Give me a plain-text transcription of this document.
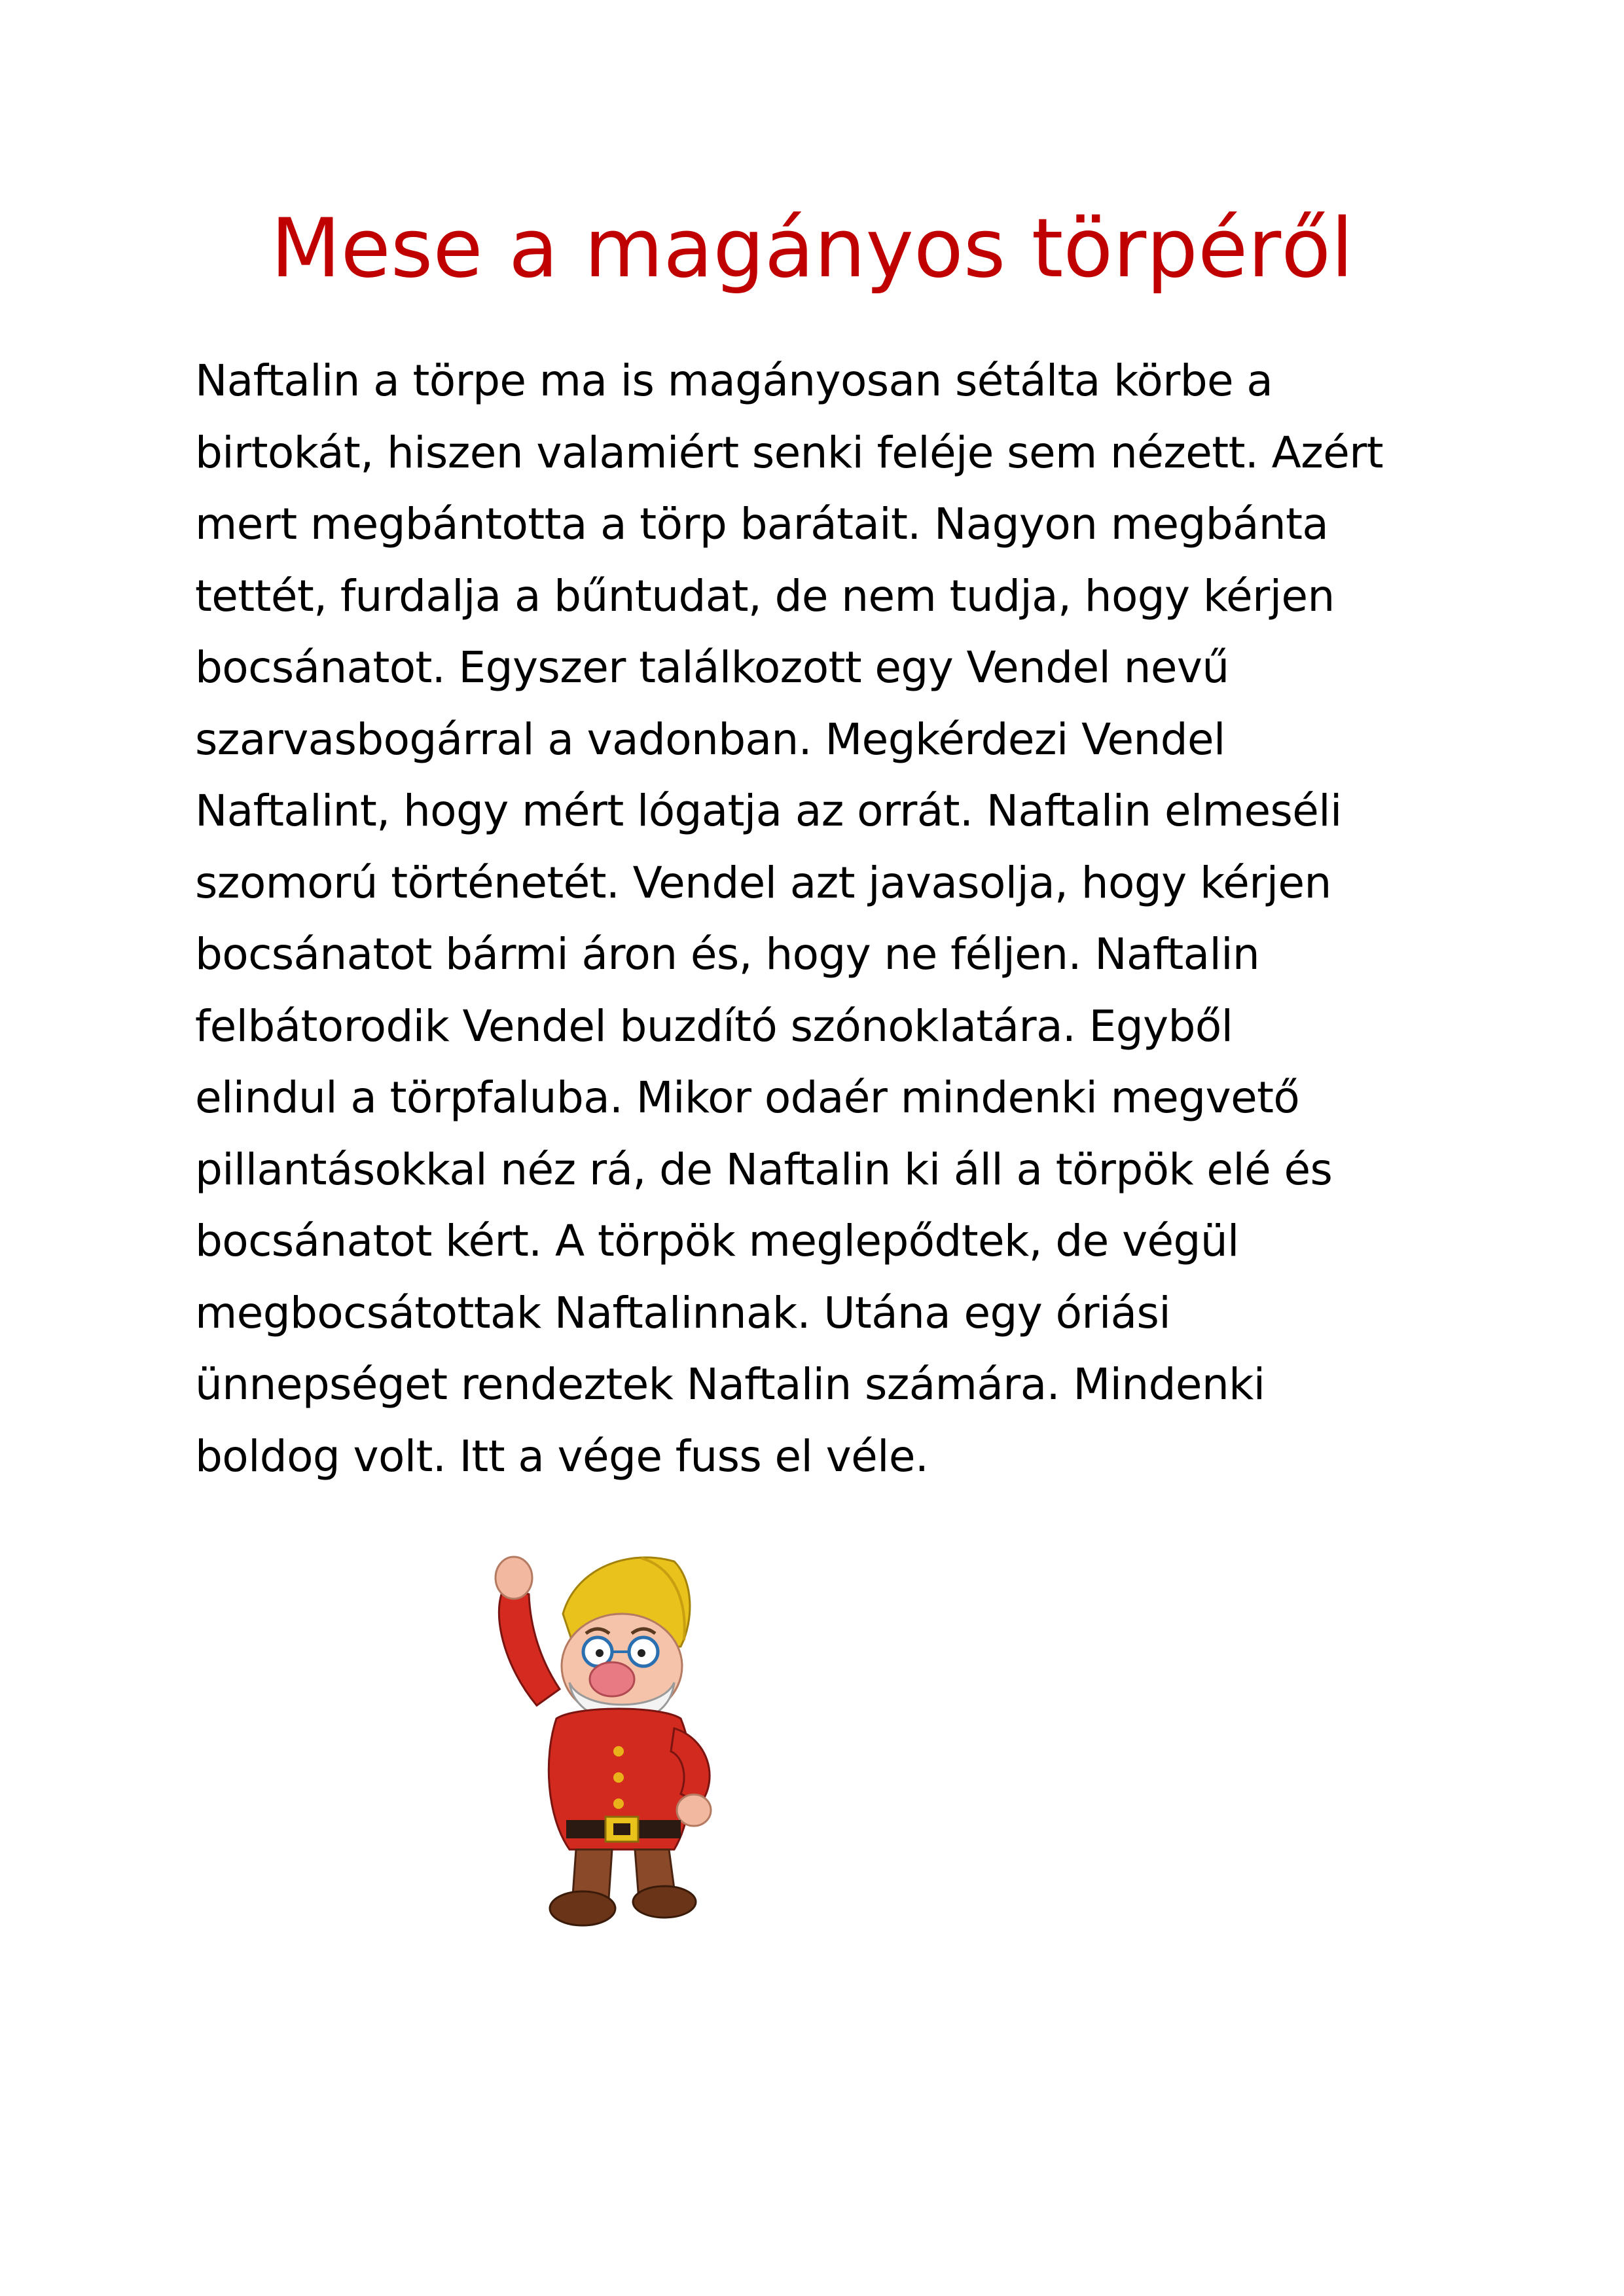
Mese a magányos törpéről

Naftalin a törpe ma is magányosan sétálta körbe a
birtokát, hiszen valamiért senki feléje sem nézett. Azért
mert megbántotta a törp barátait. Nagyon megbánta
tettét, furdalja a bűntudat, de nem tudja, hogy kérjen
bocsánatot. Egyszer találkozott egy Vendel nevű
szarvasbogárral a vadonban. Megkérdezi Vendel
Naftalint, hogy mért lógatja az orrát. Naftalin elmeséli
szomorú történetét. Vendel azt javasolja, hogy kérjen
bocsánatot bármi áron és, hogy ne féljen. Naftalin
felbátorodik Vendel buzdító szónoklatára. Egyből
elindul a törpfaluba. Mikor odaér mindenki megvető
pillantásokkal néz rá, de Naftalin ki áll a törpök elé és
bocsánatot kért. A törpök meglepődtek, de végül
megbocsátottak Naftalinnak. Utána egy óriási
ünnepséget rendeztek Naftalin számára. Mindenki
boldog volt. Itt a vége fuss el véle.
